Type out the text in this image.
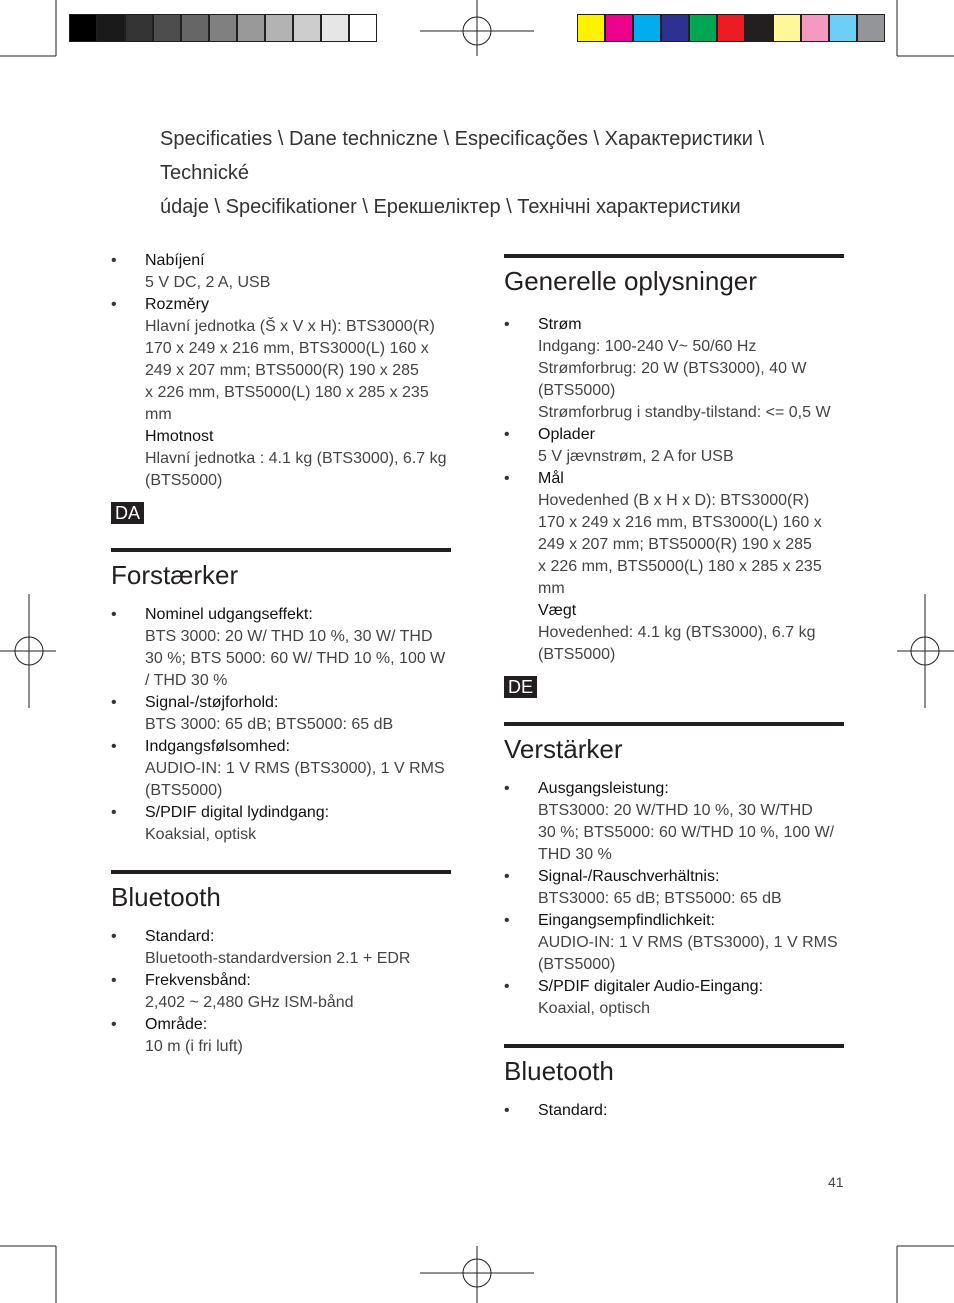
Specificaties \ Dane techniczne \ Especificações \ Характеристики \ Technické
údaje \ Specifikationer \ Ерекшеліктер \ Технічні характеристики
• Nabíjení
5 V DC, 2 A, USB
• Rozměry
Hlavní jednotka (Š x V x H): BTS3000(R)
170 x 249 x 216 mm, BTS3000(L) 160 x
249 x 207 mm; BTS5000(R) 190 x 285
x 226 mm, BTS5000(L) 180 x 285 x 235
mm
Hmotnost
Hlavní jednotka : 4.1 kg (BTS3000), 6.7 kg
(BTS5000)
DA
Forstærker
• Nominel udgangseffekt:
BTS 3000: 20 W/ THD 10 %, 30 W/ THD
30 %; BTS 5000: 60 W/ THD 10 %, 100 W
/ THD 30 %
• Signal-/støjforhold:
BTS 3000: 65 dB; BTS5000: 65 dB
• Indgangsfølsomhed:
AUDIO-IN: 1 V RMS (BTS3000), 1 V RMS
(BTS5000)
• S/PDIF digital lydindgang:
Koaksial, optisk
Bluetooth
• Standard:
Bluetooth-standardversion 2.1 + EDR
• Frekvensbånd:
2,402 ~ 2,480 GHz ISM-bånd
• Område:
10 m (i fri luft)
Generelle oplysninger
• Strøm
Indgang: 100-240 V~ 50/60 Hz
Strømforbrug: 20 W (BTS3000), 40 W
(BTS5000)
Strømforbrug i standby-tilstand: <= 0,5 W
• Oplader
5 V jævnstrøm, 2 A for USB
• Mål
Hovedenhed (B x H x D): BTS3000(R)
170 x 249 x 216 mm, BTS3000(L) 160 x
249 x 207 mm; BTS5000(R) 190 x 285
x 226 mm, BTS5000(L) 180 x 285 x 235
mm
Vægt
Hovedenhed: 4.1 kg (BTS3000), 6.7 kg
(BTS5000)
DE
Verstärker
• Ausgangsleistung:
BTS3000: 20 W/THD 10 %, 30 W/THD
30 %; BTS5000: 60 W/THD 10 %, 100 W/
THD 30 %
• Signal-/Rauschverhältnis:
BTS3000: 65 dB; BTS5000: 65 dB
• Eingangsempfindlichkeit:
AUDIO-IN: 1 V RMS (BTS3000), 1 V RMS
(BTS5000)
• S/PDIF digitaler Audio-Eingang:
Koaxial, optisch
Bluetooth
• Standard:
41
